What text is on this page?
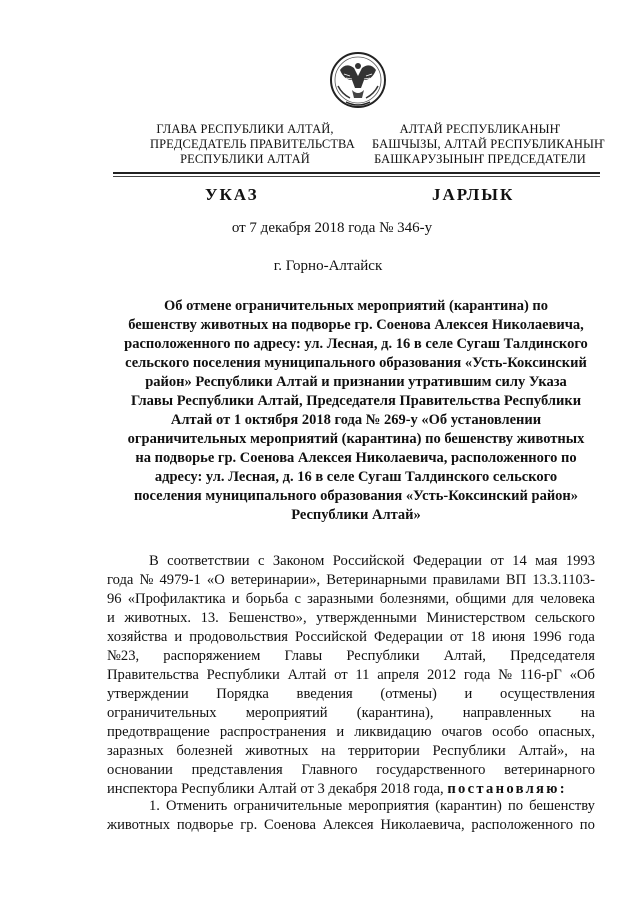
ГЛАВА РЕСПУБЛИКИ АЛТАЙ,
ПРЕДСЕДАТЕЛЬ ПРАВИТЕЛЬСТВА
РЕСПУБЛИКИ АЛТАЙ
АЛТАЙ РЕСПУБЛИКАНЫҤ
БАШЧЫЗЫ, АЛТАЙ РЕСПУБЛИКАНЫҤ
БАШКАРУЗЫНЫҤ ПРЕДСЕДАТЕЛИ
УКАЗ	ЈАРЛЫК
от 7 декабря 2018 года № 346-у
г. Горно-Алтайск
Об отмене ограничительных мероприятий (карантина) по
бешенству животных на подворье гр. Соенова Алексея Николаевича,
расположенного по адресу: ул. Лесная, д. 16 в селе Сугаш Талдинского
сельского поселения муниципального образования «Усть-Коксинский
район» Республики Алтай и признании утратившим силу Указа
Главы Республики Алтай, Председателя Правительства Республики
Алтай от 1 октября 2018 года № 269-у «Об установлении
ограничительных мероприятий (карантина) по бешенству животных
на подворье гр. Соенова Алексея Николаевича, расположенного по
адресу: ул. Лесная, д. 16 в селе Сугаш Талдинского сельского
поселения муниципального образования «Усть-Коксинский район»
Республики Алтай»
В соответствии с Законом Российской Федерации от 14 мая 1993
года № 4979-1 «О ветеринарии», Ветеринарными правилами ВП 13.3.1103-
96 «Профилактика и борьба с заразными болезнями, общими для человека
и животных. 13. Бешенство», утвержденными Министерством сельского
хозяйства и продовольствия Российской Федерации от 18 июня 1996 года
№23, распоряжением Главы Республики Алтай, Председателя
Правительства Республики Алтай от 11 апреля 2012 года № 116-рГ «Об
утверждении Порядка введения (отмены) и осуществления
ограничительных мероприятий (карантина), направленных на
предотвращение распространения и ликвидацию очагов особо опасных,
заразных болезней животных на территории Республики Алтай», на
основании представления Главного государственного ветеринарного
инспектора Республики Алтай от 3 декабря 2018 года,
постановляю:
1. Отменить ограничительные мероприятия (карантин) по бешенству
животных подворье гр. Соенова Алексея Николаевича, расположенного по
